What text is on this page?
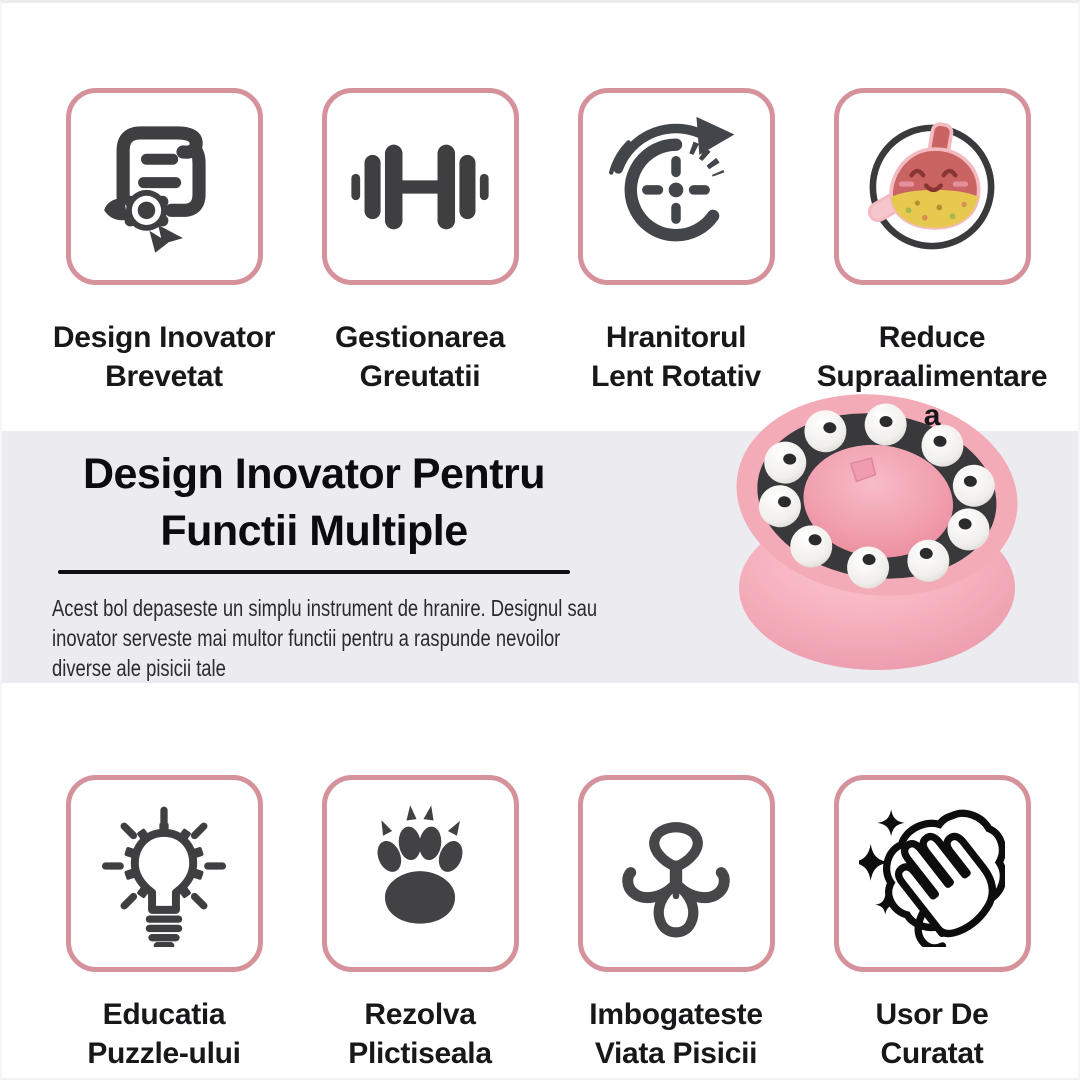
Design Inovator
Brevetat
Gestionarea
Greutatii
Hranitorul
Lent Rotativ
Reduce
Supraalimentare
a
Design Inovator Pentru
Functii Multiple
Acest bol depaseste un simplu instrument de hranire. Designul sau
inovator serveste mai multor functii pentru a raspunde nevoilor
diverse ale pisicii tale
Educatia
Puzzle-ului
Rezolva
Plictiseala
Imbogateste
Viata Pisicii
Usor De
Curatat
